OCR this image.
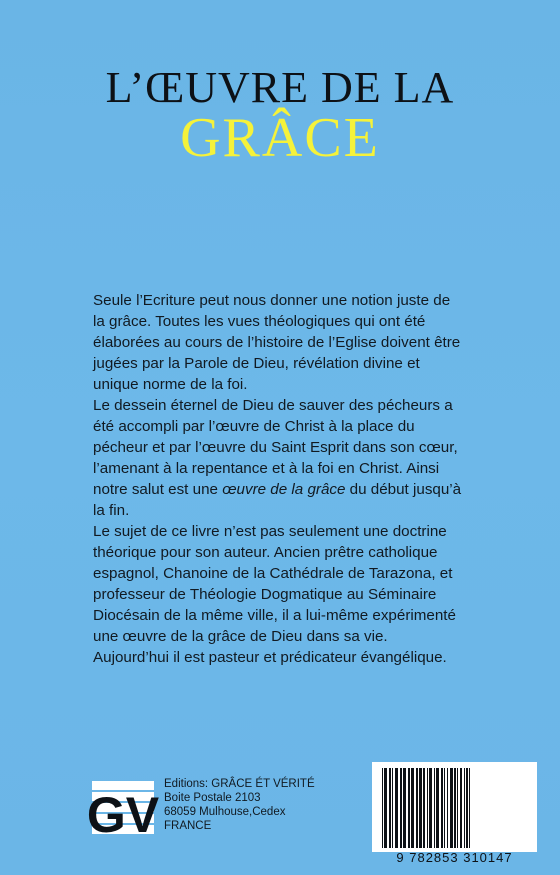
L’ŒUVRE DE LA
GRÂCE
Seule l’Ecriture peut nous donner une notion juste de la grâce. Toutes les vues théologiques qui ont été élaborées au cours de l’histoire de l’Eglise doivent être jugées par la Parole de Dieu, révélation divine et unique norme de la foi.
Le dessein éternel de Dieu de sauver des pécheurs a été accompli par l’œuvre de Christ à la place du pécheur et par l’œuvre du Saint Esprit dans son cœur, l’amenant à la repentance et à la foi en Christ. Ainsi notre salut est une œuvre de la grâce du début jusqu’à la fin.
Le sujet de ce livre n’est pas seulement une doctrine théorique pour son auteur. Ancien prêtre catholique espagnol, Chanoine de la Cathédrale de Tarazona, et professeur de Théologie Dogmatique au Séminaire Diocésain de la même ville, il a lui-même expérimenté une œuvre de la grâce de Dieu dans sa vie. Aujourd’hui il est pasteur et prédicateur évangélique.
GV
Editions: GRÂCE ÉT VÉRITÉ
Boite Postale 2103
68059 Mulhouse,Cedex
FRANCE
9 782853 310147
